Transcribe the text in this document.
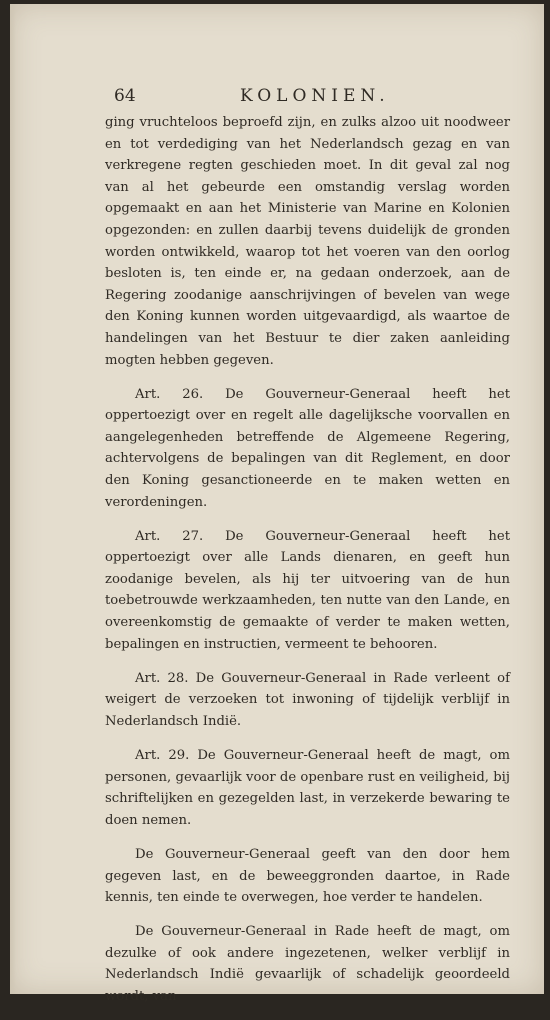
64	KOLONIEN.

ging vruchteloos beproefd zijn, en zulks alzoo uit noodweer en tot verdediging van het Nederlandsch gezag en van verkregene regten geschieden moet. In dit geval zal nog van al het gebeurde een omstandig verslag worden opgemaakt en aan het Ministerie van Marine en Kolonien opgezonden: en zullen daarbij tevens duidelijk de gronden worden ontwikkeld, waarop tot het voeren van den oorlog besloten is, ten einde er, na gedaan onderzoek, aan de Regering zoodanige aanschrijvingen of bevelen van wege den Koning kunnen worden uitgevaardigd, als waartoe de handelingen van het Bestuur te dier zaken aanleiding mogten hebben gegeven.

Art. 26. De Gouverneur-Generaal heeft het oppertoezigt over en regelt alle dagelijksche voorvallen en aangelegenheden betreffende de Algemeene Regering, achtervolgens de bepalingen van dit Reglement, en door den Koning gesanctioneerde en te maken wetten en verordeningen.

Art. 27. De Gouverneur-Generaal heeft het oppertoezigt over alle Lands dienaren, en geeft hun zoodanige bevelen, als hij ter uitvoering van de hun toebetrouwde werkzaamheden, ten nutte van den Lande, en overeenkomstig de gemaakte of verder te maken wetten, bepalingen en instructien, vermeent te behooren.

Art. 28. De Gouverneur-Generaal in Rade verleent of weigert de verzoeken tot inwoning of tijdelijk verblijf in Nederlandsch Indië.

Art. 29. De Gouverneur-Generaal heeft de magt, om personen, gevaarlijk voor de openbare rust en veiligheid, bij schriftelijken en gezegelden last, in verzekerde bewaring te doen nemen.

De Gouverneur-Generaal geeft van den door hem gegeven last, en de beweeggronden daartoe, in Rade kennis, ten einde te overwegen, hoe verder te handelen.

De Gouverneur-Generaal in Rade heeft de magt, om dezulke of ook andere ingezetenen, welker verblijf in Nederlandsch Indië gevaarlijk of schadelijk geoordeeld wordt, van
